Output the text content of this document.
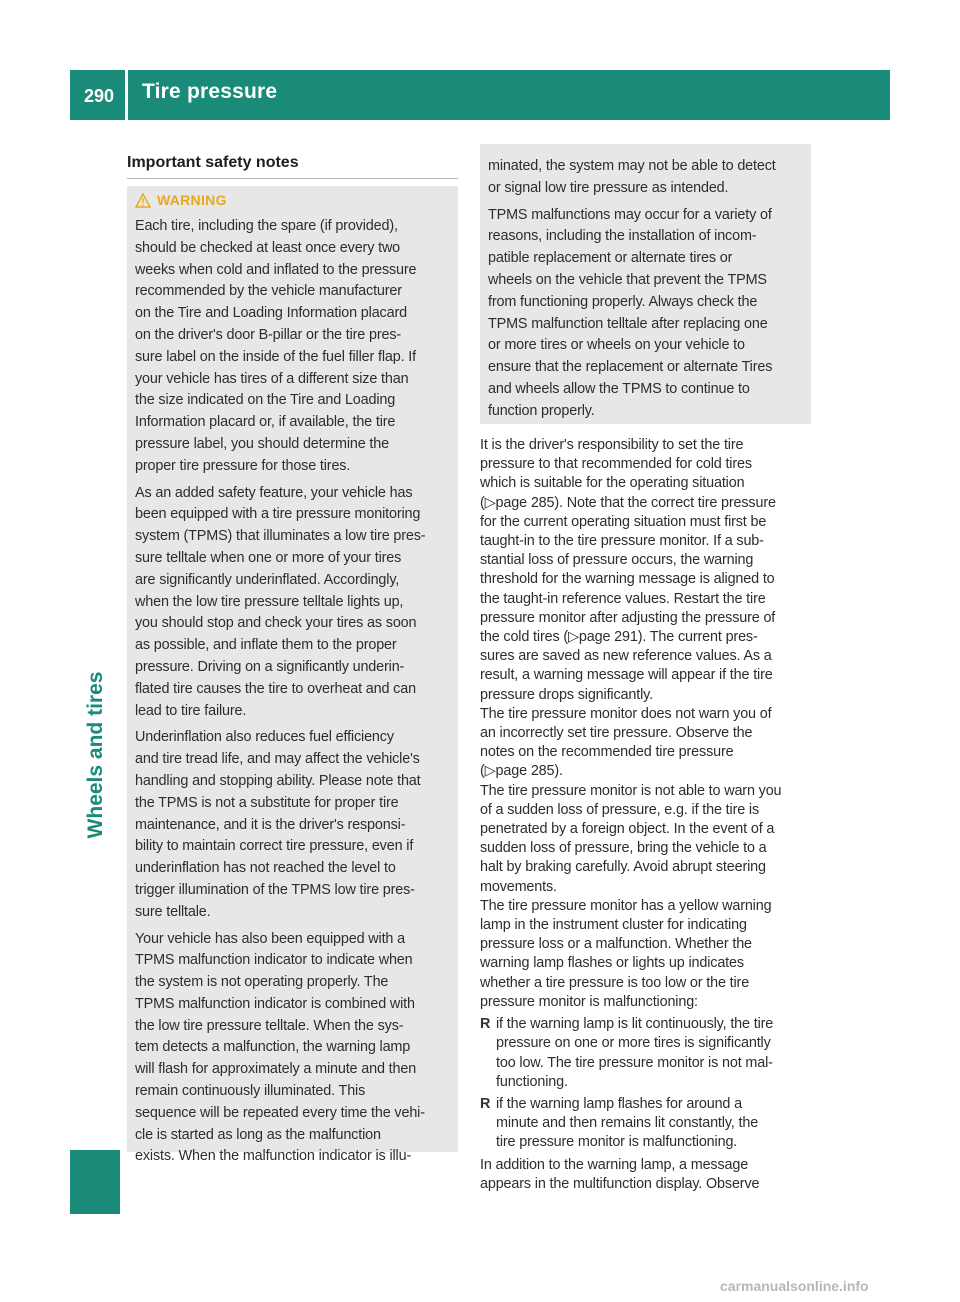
290 Tire pressure
Wheels and tires
Important safety notes
WARNING
Each tire, including the spare (if provided),
should be checked at least once every two
weeks when cold and inflated to the pressure
recommended by the vehicle manufacturer
on the Tire and Loading Information placard
on the driver's door B-pillar or the tire pres-
sure label on the inside of the fuel filler flap. If
your vehicle has tires of a different size than
the size indicated on the Tire and Loading
Information placard or, if available, the tire
pressure label, you should determine the
proper tire pressure for those tires.
As an added safety feature, your vehicle has
been equipped with a tire pressure monitoring
system (TPMS) that illuminates a low tire pres-
sure telltale when one or more of your tires
are significantly underinflated. Accordingly,
when the low tire pressure telltale lights up,
you should stop and check your tires as soon
as possible, and inflate them to the proper
pressure. Driving on a significantly underin-
flated tire causes the tire to overheat and can
lead to tire failure.
Underinflation also reduces fuel efficiency
and tire tread life, and may affect the vehicle's
handling and stopping ability. Please note that
the TPMS is not a substitute for proper tire
maintenance, and it is the driver's responsi-
bility to maintain correct tire pressure, even if
underinflation has not reached the level to
trigger illumination of the TPMS low tire pres-
sure telltale.
Your vehicle has also been equipped with a
TPMS malfunction indicator to indicate when
the system is not operating properly. The
TPMS malfunction indicator is combined with
the low tire pressure telltale. When the sys-
tem detects a malfunction, the warning lamp
will flash for approximately a minute and then
remain continuously illuminated. This
sequence will be repeated every time the vehi-
cle is started as long as the malfunction
exists. When the malfunction indicator is illu-
minated, the system may not be able to detect
or signal low tire pressure as intended.
TPMS malfunctions may occur for a variety of
reasons, including the installation of incom-
patible replacement or alternate tires or
wheels on the vehicle that prevent the TPMS
from functioning properly. Always check the
TPMS malfunction telltale after replacing one
or more tires or wheels on your vehicle to
ensure that the replacement or alternate Tires
and wheels allow the TPMS to continue to
function properly.
It is the driver's responsibility to set the tire
pressure to that recommended for cold tires
which is suitable for the operating situation
(▷page 285). Note that the correct tire pressure
for the current operating situation must first be
taught-in to the tire pressure monitor. If a sub-
stantial loss of pressure occurs, the warning
threshold for the warning message is aligned to
the taught-in reference values. Restart the tire
pressure monitor after adjusting the pressure of
the cold tires (▷page 291). The current pres-
sures are saved as new reference values. As a
result, a warning message will appear if the tire
pressure drops significantly.
The tire pressure monitor does not warn you of
an incorrectly set tire pressure. Observe the
notes on the recommended tire pressure
(▷page 285).
The tire pressure monitor is not able to warn you
of a sudden loss of pressure, e.g. if the tire is
penetrated by a foreign object. In the event of a
sudden loss of pressure, bring the vehicle to a
halt by braking carefully. Avoid abrupt steering
movements.
The tire pressure monitor has a yellow warning
lamp in the instrument cluster for indicating
pressure loss or a malfunction. Whether the
warning lamp flashes or lights up indicates
whether a tire pressure is too low or the tire
pressure monitor is malfunctioning:
R if the warning lamp is lit continuously, the tire
pressure on one or more tires is significantly
too low. The tire pressure monitor is not mal-
functioning.
R if the warning lamp flashes for around a
minute and then remains lit constantly, the
tire pressure monitor is malfunctioning.
In addition to the warning lamp, a message
appears in the multifunction display. Observe
carmanualsonline.info
